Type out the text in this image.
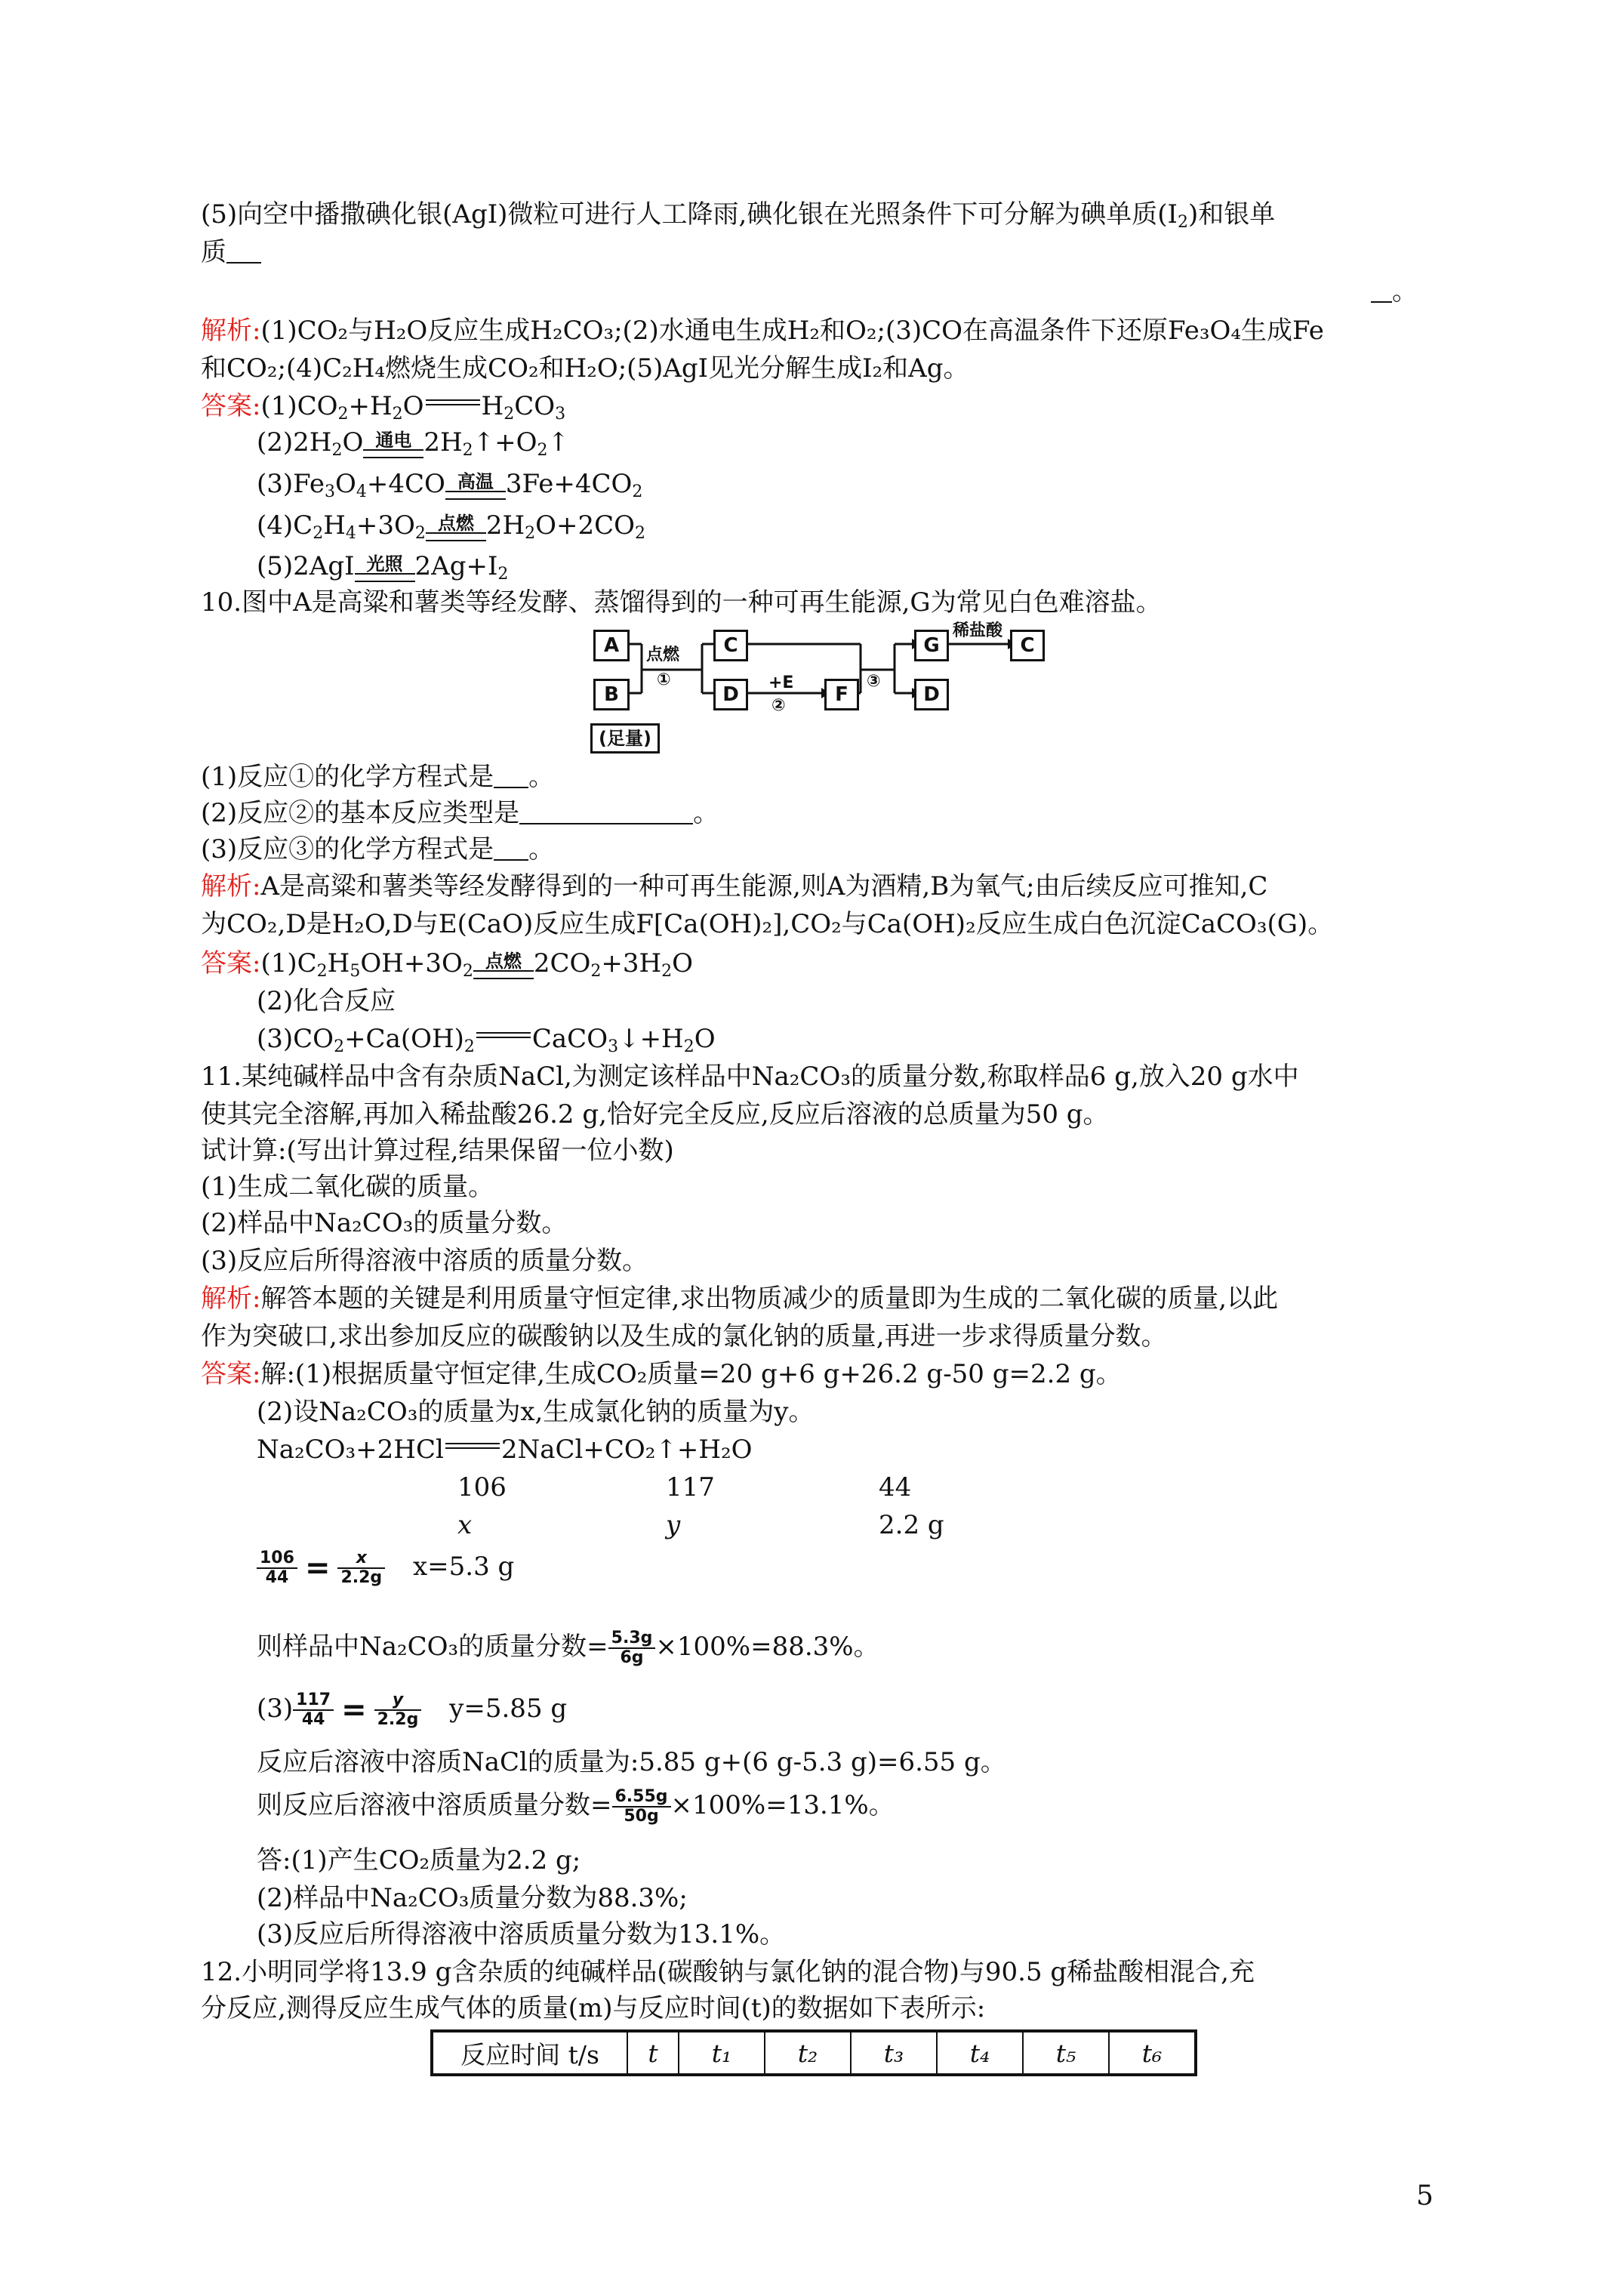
(5)向空中播撒碘化银(AgI)微粒可进行人工降雨,碘化银在光照条件下可分解为碘单质$(I_2)$和银单
质
。
解析:(1)CO₂与H₂O反应生成H₂CO₃;(2)水通电生成H₂和O₂;(3)CO在高温条件下还原Fe₃O₄生成Fe
和CO₂;(4)C₂H₄燃烧生成CO₂和H₂O;(5)AgI见光分解生成I₂和Ag。
答案$:(1)CO_2+H_2O$ $H_2CO_3$
$(2)2H_2O$ 通电 $2H_2↑+O_2↑$
$(3)Fe_3O_4+4CO$ 高温 $3Fe+4CO_2$
$(4)C_2H_4+3O_2$ 点燃 $2H_2O+2CO_2$
(5)2AgI 光照 $2Ag+I_2$
10.图中A是高粱和薯类等经发酵、蒸馏得到的一种可再生能源,G为常见白色难溶盐。
A
B
C
D	F
G
D
C
点燃
①	+E
②
③
稀盐酸
(足量)
(1)反应①的化学方程式是 。
(2)反应②的基本反应类型是	。
(3)反应③的化学方程式是 。
解析:A是高粱和薯类等经发酵得到的一种可再生能源,则A为酒精,B为氧气;由后续反应可推知,C
为CO₂,D是H₂O,D与E(CaO)反应生成F[Ca(OH)₂],CO₂与Ca(OH)₂反应生成白色沉淀CaCO₃(G)。
答案$:(1)C_2H_5OH+3O_2$ 点燃 $2CO_2+3H_2O$
(2)化合反应
$(3)CO_2+Ca(OH)_2$ $CaCO_3↓+H_2O$
11.某纯碱样品中含有杂质NaCl,为测定该样品中Na₂CO₃的质量分数,称取样品6 g,放入20 g水中
使其完全溶解,再加入稀盐酸26.2 g,恰好完全反应,反应后溶液的总质量为50 g。
试计算:(写出计算过程,结果保留一位小数)
(1)生成二氧化碳的质量。
(2)样品中Na₂CO₃的质量分数。
(3)反应后所得溶液中溶质的质量分数。
解析:解答本题的关键是利用质量守恒定律,求出物质减少的质量即为生成的二氧化碳的质量,以此
作为突破口,求出参加反应的碳酸钠以及生成的氯化钠的质量,再进一步求得质量分数。
答案:解:(1)根据质量守恒定律,生成CO₂质量=20 g+6 g+26.2 g-50 g=2.2 g。
(2)设Na₂CO₃的质量为x,生成氯化钠的质量为y。
Na₂CO₃+2HCl 2NaCl+CO₂↑+H₂O
106	117	44
x	y	2.2 g
$\frac{106}{44} = \frac{x}{2.2g} x=5.3$ g
则样品中Na₂CO₃的质量分数= $\frac{5.3g}{6g} \times 100\%=88.3\%$。
$(3) \frac{117}{44} = \frac{y}{2.2g} y=5.85$ g
反应后溶液中溶质NaCl的质量为:5.85 g+(6 g-5.3 g)=6.55 g。
则反应后溶液中溶质质量分数= $\frac{6.55g}{50g} \times 100\%=13.1\%$。
答:(1)产生CO₂质量为2.2 g;
(2)样品中Na₂CO₃质量分数为88.3%;
(3)反应后所得溶液中溶质质量分数为13.1%。
12.小明同学将13.9 g含杂质的纯碱样品(碳酸钠与氯化钠的混合物)与90.5 g稀盐酸相混合,充
分反应,测得反应生成气体的质量(m)与反应时间(t)的数据如下表所示:
反应时间 t/s	t	t₁	t₂	t₃	t₄	t₅	t₆
5
